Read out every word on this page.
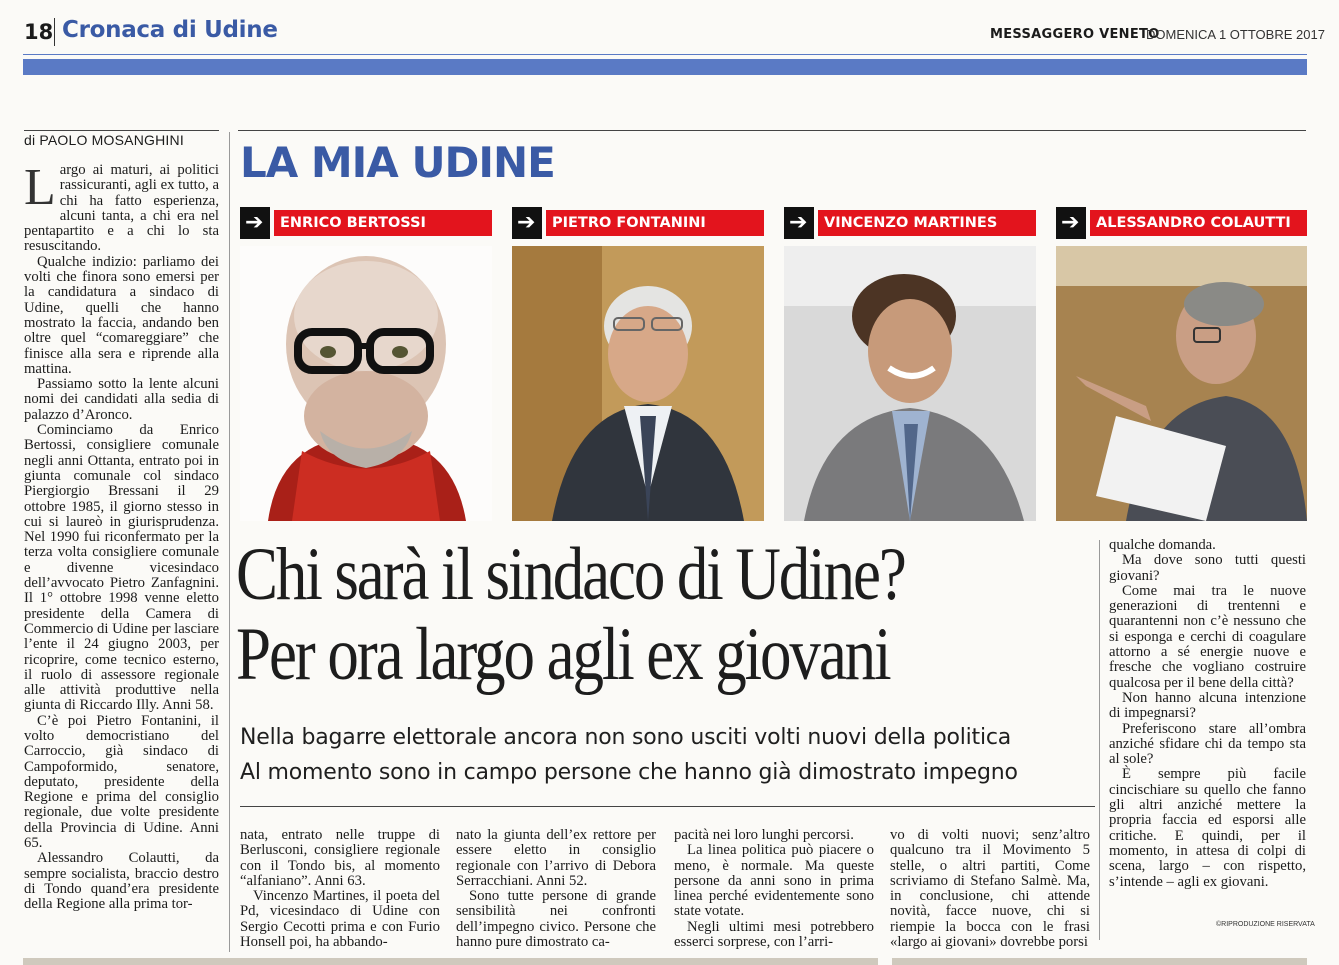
18 Cronaca di Udine	MESSAGGERO VENETO
DOMENICA 1 OTTOBRE 2017
di PAOLO MOSANGHINI

Largo ai maturi, ai politici rassicuranti, agli ex tutto, a chi ha fatto esperienza, alcuni tanta, a chi era nel pentapartito e a chi lo sta resuscitando.

Qualche indizio: parliamo dei volti che finora sono emersi per la candidatura a sindaco di Udine, quelli che hanno mostrato la faccia, andando ben oltre quel “comareggiare” che finisce alla sera e riprende alla mattina.

Passiamo sotto la lente alcuni nomi dei candidati alla sedia di palazzo d’Aronco.

Cominciamo da Enrico Bertossi, consigliere comunale negli anni Ottanta, entrato poi in giunta comunale col sindaco Piergiorgio Bressani il 29 ottobre 1985, il giorno stesso in cui si laureò in giurisprudenza. Nel 1990 fui riconfermato per la terza volta consigliere comunale e divenne vicesindaco dell’avvocato Pietro Zanfagnini. Il 1° ottobre 1998 venne eletto presidente della Camera di Commercio di Udine per lasciare l’ente il 24 giugno 2003, per ricoprire, come tecnico esterno, il ruolo di assessore regionale alle attività produttive nella giunta di Riccardo Illy. Anni 58.

C’è poi Pietro Fontanini, il volto democristiano del Carroccio, già sindaco di Campoformido, senatore, deputato, presidente della Regione e prima del consiglio regionale, due volte presidente della Provincia di Udine. Anni 65.

Alessandro Colautti, da sempre socialista, braccio destro di Tondo quand’era presidente della Regione alla prima tor-

LA MIA UDINE
➔	ENRICO BERTOSSI	➔	PIETRO FONTANINI	➔	VINCENZO MARTINES	➔	ALESSANDRO COLAUTTI
Chi sarà il sindaco di Udine?
Per ora largo agli ex giovani
Nella bagarre elettorale ancora non sono usciti volti nuovi della politica
Al momento sono in campo persone che hanno già dimostrato impegno

nata, entrato nelle truppe di Berlusconi, consigliere regionale con il Tondo bis, al momento “alfaniano”. Anni 63.

Vincenzo Martines, il poeta del Pd, vicesindaco di Udine con Sergio Cecotti prima e con Furio Honsell poi, ha abbando-

nato la giunta dell’ex rettore per essere eletto in consiglio regionale con l’arrivo di Debora Serracchiani. Anni 52.

Sono tutte persone di grande sensibilità nei confronti dell’impegno civico. Persone che hanno pure dimostrato ca-

pacità nei loro lunghi percorsi.

La linea politica può piacere o meno, è normale. Ma queste persone da anni sono in prima linea perché evidentemente sono state votate.

Negli ultimi mesi potrebbero esserci sorprese, con l’arri-

vo di volti nuovi; senz’altro qualcuno tra il Movimento 5 stelle, o altri partiti, Come scriviamo di Stefano Salmè. Ma, in conclusione, chi attende novità, facce nuove, chi si riempie la bocca con le frasi «largo ai giovani» dovrebbe porsi

qualche domanda.

Ma dove sono tutti questi giovani?

Come mai tra le nuove generazioni di trentenni e quarantenni non c’è nessuno che si esponga e cerchi di coagulare attorno a sé energie nuove e fresche che vogliano costruire qualcosa per il bene della città?

Non hanno alcuna intenzione di impegnarsi?

Preferiscono stare all’ombra anziché sfidare chi da tempo sta al sole?

È sempre più facile cincischiare su quello che fanno gli altri anziché mettere la propria faccia ed esporsi alle critiche. E quindi, per il momento, in attesa di colpi di scena, largo – con rispetto, s’intende – agli ex giovani.

©RIPRODUZIONE RISERVATA
